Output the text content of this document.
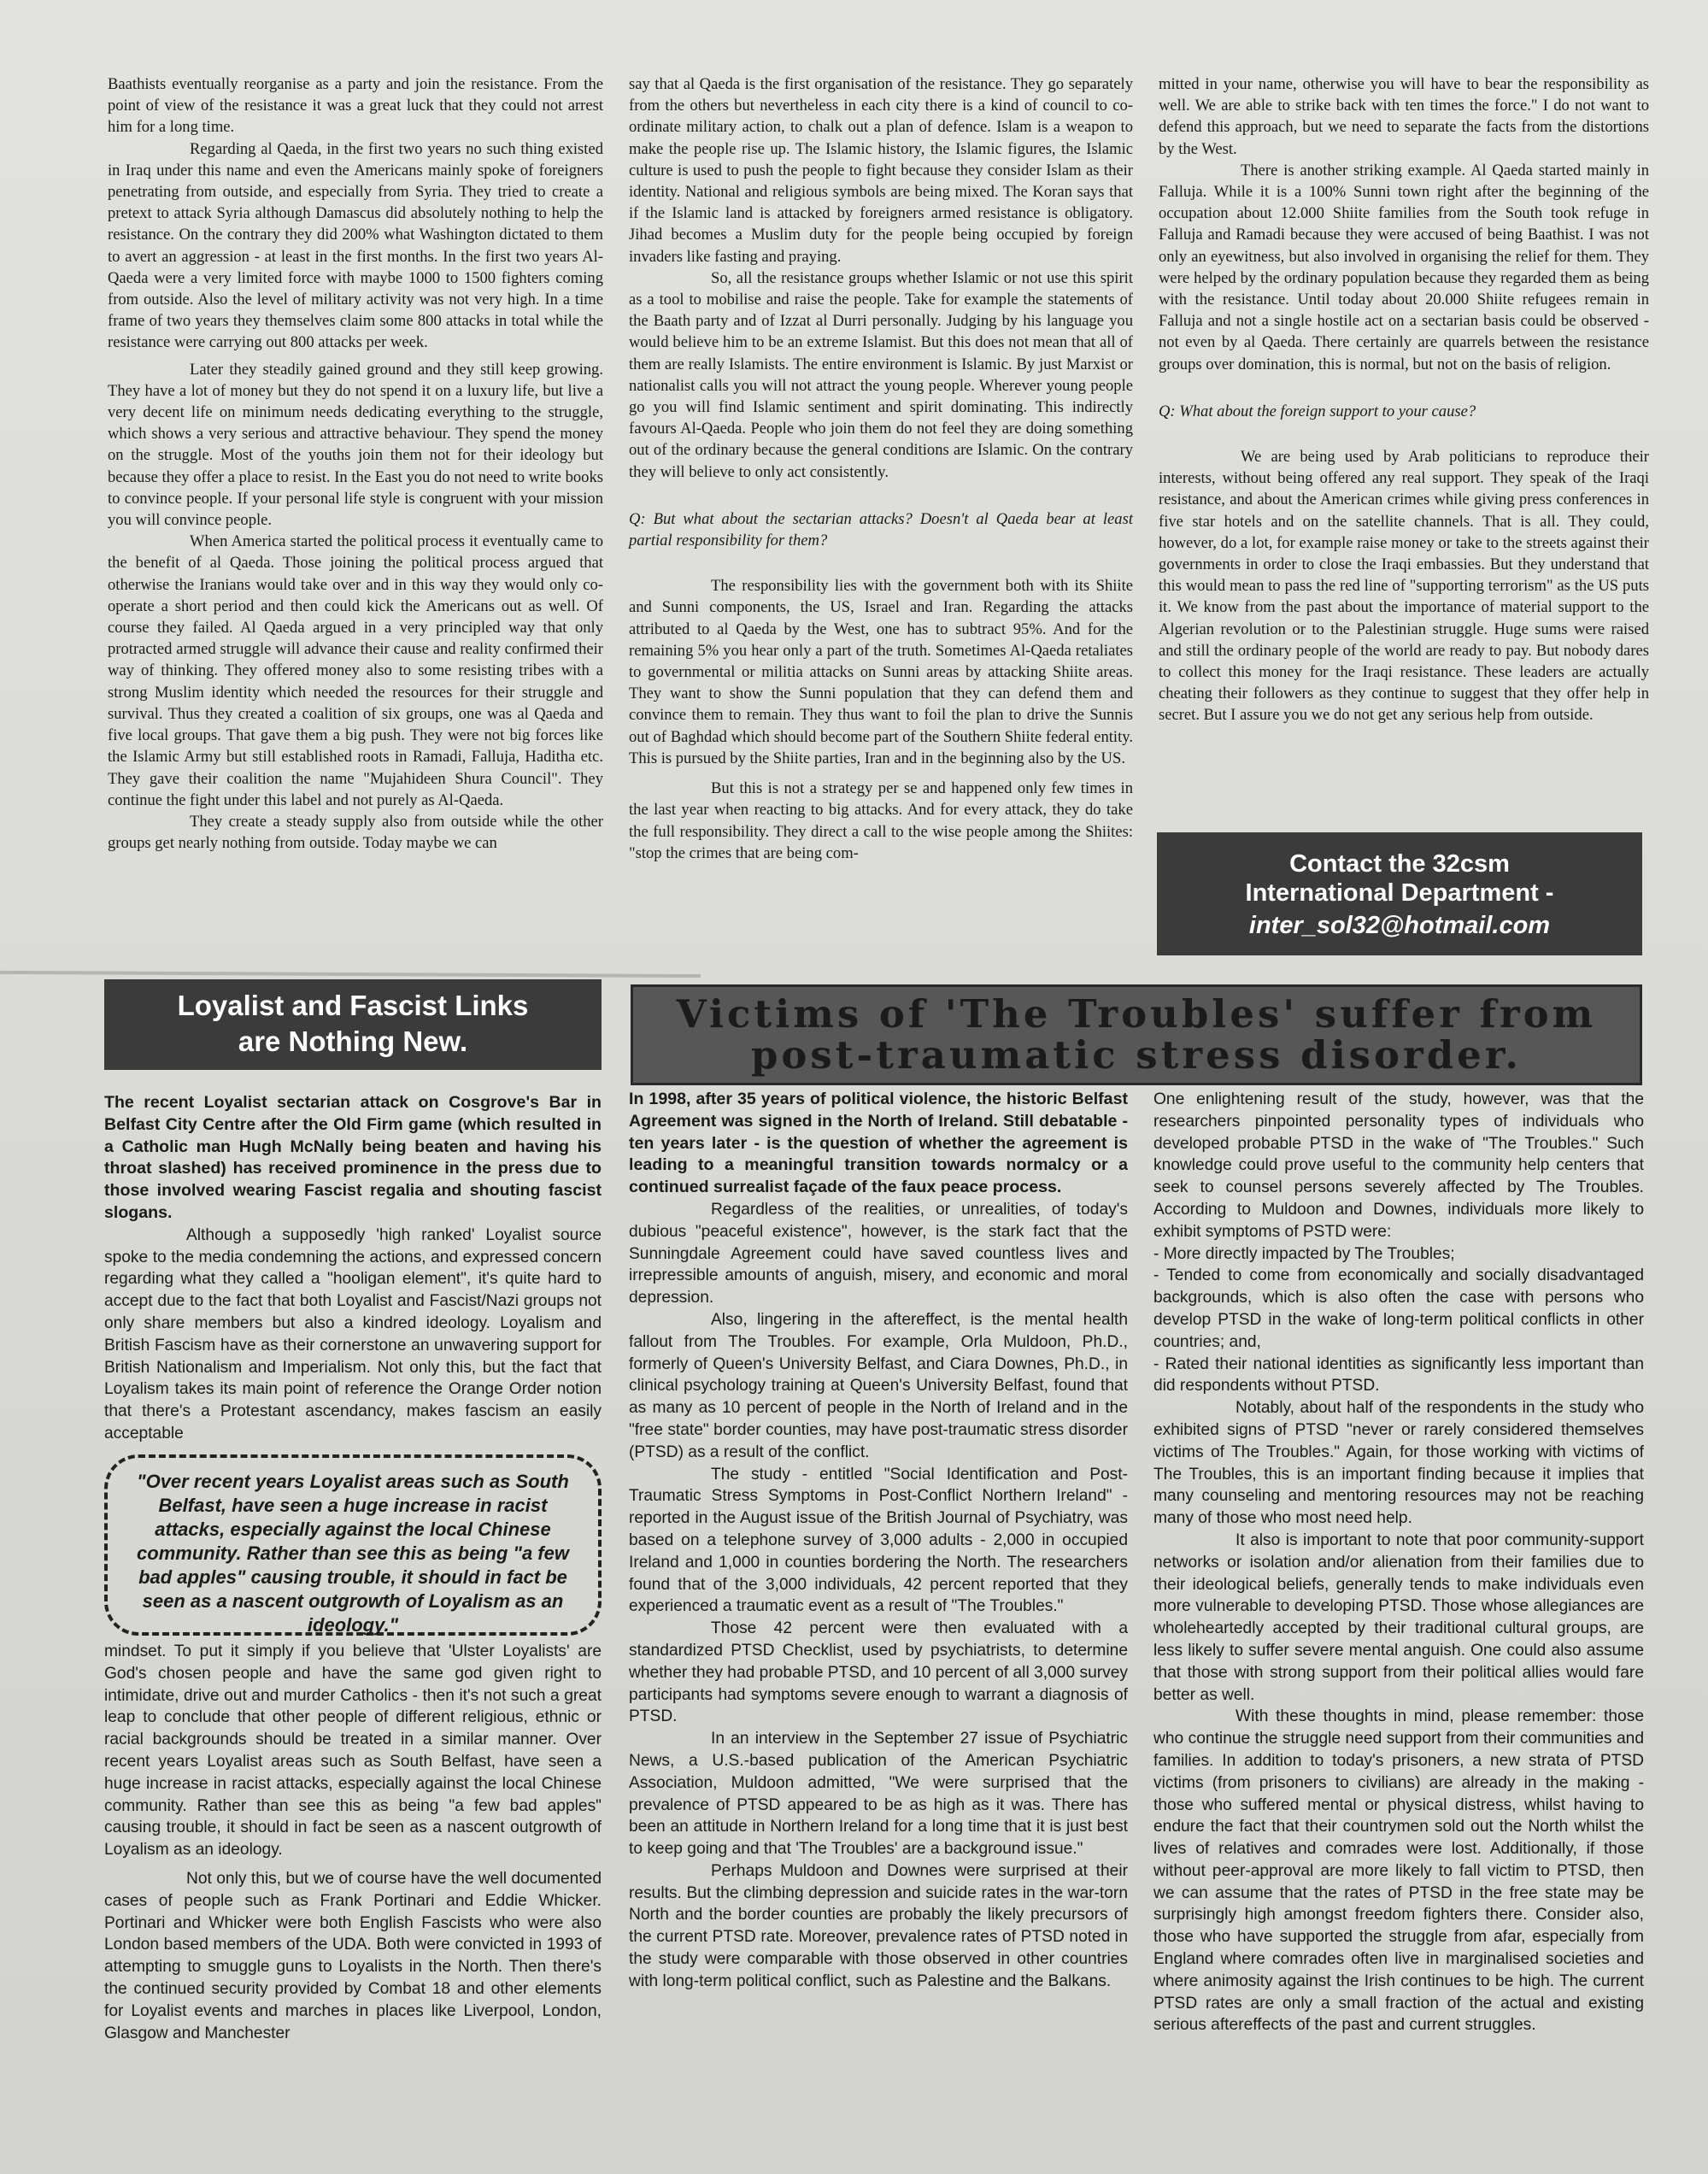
Baathists eventually reorganise as a party and join the resistance. From the point of view of the resistance it was a great luck that they could not arrest him for a long time.

Regarding al Qaeda, in the first two years no such thing existed in Iraq under this name and even the Americans mainly spoke of foreigners penetrating from outside, and especially from Syria. They tried to create a pretext to attack Syria although Damascus did absolutely nothing to help the resistance. On the contrary they did 200% what Washington dictated to them to avert an aggression - at least in the first months. In the first two years Al-Qaeda were a very limited force with maybe 1000 to 1500 fighters coming from outside. Also the level of military activity was not very high. In a time frame of two years they themselves claim some 800 attacks in total while the resistance were carrying out 800 attacks per week.

Later they steadily gained ground and they still keep growing. They have a lot of money but they do not spend it on a luxury life, but live a very decent life on minimum needs dedicating everything to the struggle, which shows a very serious and attractive behaviour. They spend the money on the struggle. Most of the youths join them not for their ideology but because they offer a place to resist. In the East you do not need to write books to convince people. If your personal life style is congruent with your mission you will convince people.

When America started the political process it eventually came to the benefit of al Qaeda. Those joining the political process argued that otherwise the Iranians would take over and in this way they would only co-operate a short period and then could kick the Americans out as well. Of course they failed. Al Qaeda argued in a very principled way that only protracted armed struggle will advance their cause and reality confirmed their way of thinking. They offered money also to some resisting tribes with a strong Muslim identity which needed the resources for their struggle and survival. Thus they created a coalition of six groups, one was al Qaeda and five local groups. That gave them a big push. They were not big forces like the Islamic Army but still established roots in Ramadi, Falluja, Haditha etc. They gave their coalition the name "Mujahideen Shura Council". They continue the fight under this label and not purely as Al-Qaeda.

They create a steady supply also from outside while the other groups get nearly nothing from outside. Today maybe we can

say that al Qaeda is the first organisation of the resistance. They go separately from the others but nevertheless in each city there is a kind of council to co-ordinate military action, to chalk out a plan of defence. Islam is a weapon to make the people rise up. The Islamic history, the Islamic figures, the Islamic culture is used to push the people to fight because they consider Islam as their identity. National and religious symbols are being mixed. The Koran says that if the Islamic land is attacked by foreigners armed resistance is obligatory. Jihad becomes a Muslim duty for the people being occupied by foreign invaders like fasting and praying.

So, all the resistance groups whether Islamic or not use this spirit as a tool to mobilise and raise the people. Take for example the statements of the Baath party and of Izzat al Durri personally. Judging by his language you would believe him to be an extreme Islamist. But this does not mean that all of them are really Islamists. The entire environment is Islamic. By just Marxist or nationalist calls you will not attract the young people. Wherever young people go you will find Islamic sentiment and spirit dominating. This indirectly favours Al-Qaeda. People who join them do not feel they are doing something out of the ordinary because the general conditions are Islamic. On the contrary they will believe to only act consistently.

Q: But what about the sectarian attacks? Doesn't al Qaeda bear at least partial responsibility for them?

The responsibility lies with the government both with its Shiite and Sunni components, the US, Israel and Iran. Regarding the attacks attributed to al Qaeda by the West, one has to subtract 95%. And for the remaining 5% you hear only a part of the truth. Sometimes Al-Qaeda retaliates to governmental or militia attacks on Sunni areas by attacking Shiite areas. They want to show the Sunni population that they can defend them and convince them to remain. They thus want to foil the plan to drive the Sunnis out of Baghdad which should become part of the Southern Shiite federal entity. This is pursued by the Shiite parties, Iran and in the beginning also by the US.

But this is not a strategy per se and happened only few times in the last year when reacting to big attacks. And for every attack, they do take the full responsibility. They direct a call to the wise people among the Shiites: "stop the crimes that are being com-

mitted in your name, otherwise you will have to bear the responsibility as well. We are able to strike back with ten times the force." I do not want to defend this approach, but we need to separate the facts from the distortions by the West.

There is another striking example. Al Qaeda started mainly in Falluja. While it is a 100% Sunni town right after the beginning of the occupation about 12.000 Shiite families from the South took refuge in Falluja and Ramadi because they were accused of being Baathist. I was not only an eyewitness, but also involved in organising the relief for them. They were helped by the ordinary population because they regarded them as being with the resistance. Until today about 20.000 Shiite refugees remain in Falluja and not a single hostile act on a sectarian basis could be observed - not even by al Qaeda. There certainly are quarrels between the resistance groups over domination, this is normal, but not on the basis of religion.

Q: What about the foreign support to your cause?

We are being used by Arab politicians to reproduce their interests, without being offered any real support. They speak of the Iraqi resistance, and about the American crimes while giving press conferences in five star hotels and on the satellite channels. That is all. They could, however, do a lot, for example raise money or take to the streets against their governments in order to close the Iraqi embassies. But they understand that this would mean to pass the red line of "supporting terrorism" as the US puts it. We know from the past about the importance of material support to the Algerian revolution or to the Palestinian struggle. Huge sums were raised and still the ordinary people of the world are ready to pay. But nobody dares to collect this money for the Iraqi resistance. These leaders are actually cheating their followers as they continue to suggest that they offer help in secret. But I assure you we do not get any serious help from outside.

Contact the 32csm
International Department -
inter_sol32@hotmail.com
Loyalist and Fascist Links
are Nothing New.
Victims of 'The Troubles' suffer from
post-traumatic stress disorder.

The recent Loyalist sectarian attack on Cosgrove's Bar in Belfast City Centre after the Old Firm game (which resulted in a Catholic man Hugh McNally being beaten and having his throat slashed) has received prominence in the press due to those involved wearing Fascist regalia and shouting fascist slogans.

Although a supposedly 'high ranked' Loyalist source spoke to the media condemning the actions, and expressed concern regarding what they called a "hooligan element", it's quite hard to accept due to the fact that both Loyalist and Fascist/Nazi groups not only share members but also a kindred ideology. Loyalism and British Fascism have as their cornerstone an unwavering support for British Nationalism and Imperialism. Not only this, but the fact that Loyalism takes its main point of reference the Orange Order notion that there's a Protestant ascendancy, makes fascism an easily acceptable

"Over recent years Loyalist areas such as South Belfast, have seen a huge increase in racist attacks, especially against the local Chinese community. Rather than see this as being "a few bad apples" causing trouble, it should in fact be seen as a nascent outgrowth of Loyalism as an ideology."

mindset. To put it simply if you believe that 'Ulster Loyalists' are God's chosen people and have the same god given right to intimidate, drive out and murder Catholics - then it's not such a great leap to conclude that other people of different religious, ethnic or racial backgrounds should be treated in a similar manner. Over recent years Loyalist areas such as South Belfast, have seen a huge increase in racist attacks, especially against the local Chinese community. Rather than see this as being "a few bad apples" causing trouble, it should in fact be seen as a nascent outgrowth of Loyalism as an ideology.

Not only this, but we of course have the well documented cases of people such as Frank Portinari and Eddie Whicker. Portinari and Whicker were both English Fascists who were also London based members of the UDA. Both were convicted in 1993 of attempting to smuggle guns to Loyalists in the North. Then there's the continued security provided by Combat 18 and other elements for Loyalist events and marches in places like Liverpool, London, Glasgow and Manchester

In 1998, after 35 years of political violence, the historic Belfast Agreement was signed in the North of Ireland. Still debatable - ten years later - is the question of whether the agreement is leading to a meaningful transition towards normalcy or a continued surrealist façade of the faux peace process.

Regardless of the realities, or unrealities, of today's dubious "peaceful existence", however, is the stark fact that the Sunningdale Agreement could have saved countless lives and irrepressible amounts of anguish, misery, and economic and moral depression.

Also, lingering in the aftereffect, is the mental health fallout from The Troubles. For example, Orla Muldoon, Ph.D., formerly of Queen's University Belfast, and Ciara Downes, Ph.D., in clinical psychology training at Queen's University Belfast, found that as many as 10 percent of people in the North of Ireland and in the "free state" border counties, may have post-traumatic stress disorder (PTSD) as a result of the conflict.

The study - entitled "Social Identification and Post-Traumatic Stress Symptoms in Post-Conflict Northern Ireland" - reported in the August issue of the British Journal of Psychiatry, was based on a telephone survey of 3,000 adults - 2,000 in occupied Ireland and 1,000 in counties bordering the North. The researchers found that of the 3,000 individuals, 42 percent reported that they experienced a traumatic event as a result of "The Troubles."

Those 42 percent were then evaluated with a standardized PTSD Checklist, used by psychiatrists, to determine whether they had probable PTSD, and 10 percent of all 3,000 survey participants had symptoms severe enough to warrant a diagnosis of PTSD.

In an interview in the September 27 issue of Psychiatric News, a U.S.-based publication of the American Psychiatric Association, Muldoon admitted, "We were surprised that the prevalence of PTSD appeared to be as high as it was. There has been an attitude in Northern Ireland for a long time that it is just best to keep going and that 'The Troubles' are a background issue."

Perhaps Muldoon and Downes were surprised at their results. But the climbing depression and suicide rates in the war-torn North and the border counties are probably the likely precursors of the current PTSD rate. Moreover, prevalence rates of PTSD noted in the study were comparable with those observed in other countries with long-term political conflict, such as Palestine and the Balkans.

One enlightening result of the study, however, was that the researchers pinpointed personality types of individuals who developed probable PTSD in the wake of "The Troubles." Such knowledge could prove useful to the community help centers that seek to counsel persons severely affected by The Troubles. According to Muldoon and Downes, individuals more likely to exhibit symptoms of PSTD were:

- More directly impacted by The Troubles;

- Tended to come from economically and socially disadvantaged backgrounds, which is also often the case with persons who develop PTSD in the wake of long-term political conflicts in other countries; and,

- Rated their national identities as significantly less important than did respondents without PTSD.

Notably, about half of the respondents in the study who exhibited signs of PTSD "never or rarely considered themselves victims of The Troubles." Again, for those working with victims of The Troubles, this is an important finding because it implies that many counseling and mentoring resources may not be reaching many of those who most need help.

It also is important to note that poor community-support networks or isolation and/or alienation from their families due to their ideological beliefs, generally tends to make individuals even more vulnerable to developing PTSD. Those whose allegiances are wholeheartedly accepted by their traditional cultural groups, are less likely to suffer severe mental anguish. One could also assume that those with strong support from their political allies would fare better as well.

With these thoughts in mind, please remember: those who continue the struggle need support from their communities and families. In addition to today's prisoners, a new strata of PTSD victims (from prisoners to civilians) are already in the making - those who suffered mental or physical distress, whilst having to endure the fact that their countrymen sold out the North whilst the lives of relatives and comrades were lost. Additionally, if those without peer-approval are more likely to fall victim to PTSD, then we can assume that the rates of PTSD in the free state may be surprisingly high amongst freedom fighters there. Consider also, those who have supported the struggle from afar, especially from England where comrades often live in marginalised societies and where animosity against the Irish continues to be high. The current PTSD rates are only a small fraction of the actual and existing serious aftereffects of the past and current struggles.
